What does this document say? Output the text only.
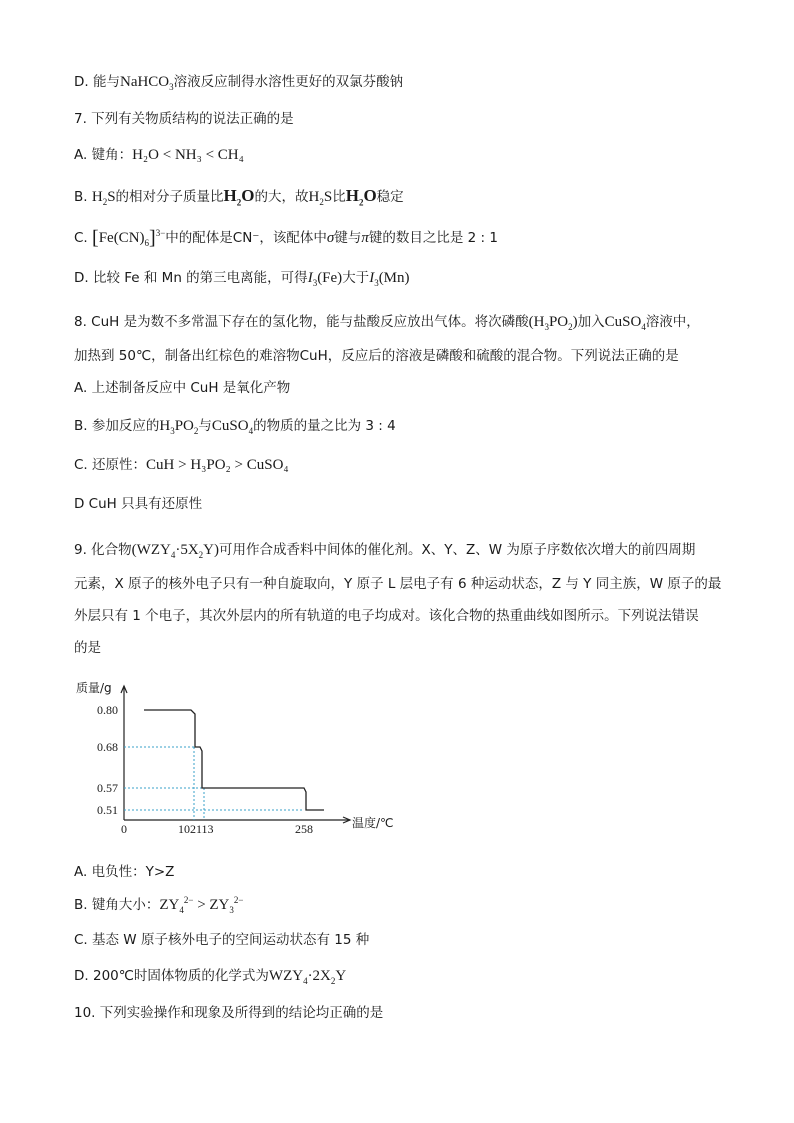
D. 能与NaHCO$_3$溶液反应制得水溶性更好的双氯芬酸钠
7. 下列有关物质结构的说法正确的是
A. 键角：H₂O < NH₃ < CH₄
B. $H_2S$的相对分子质量比$H_2O$的大，故$H_2S$比$H_2O$稳定
C. $[Fe(CN)_6]^{3-}$中的配体是CN⁻，该配体中σ键与π键的数目之比是 2 : 1
D. 比较 Fe 和 Mn 的第三电离能，可得$I_3(Fe)$大于$I_3(Mn)$
8. CuH 是为数不多常温下存在的氢化物，能与盐酸反应放出气体。将次磷酸$(H_3PO_2)$加入CuSO$_4$溶液中，
加热到 50℃，制备出红棕色的难溶物CuH，反应后的溶液是磷酸和硫酸的混合物。下列说法正确的是
A. 上述制备反应中 CuH 是氧化产物
B. 参加反应的$H_3PO_2$与CuSO$_4$的物质的量之比为 3 : 4
C. 还原性：CuH > H₃PO₂ > CuSO₄
D CuH 只具有还原性
9. 化合物$(WZY_4\cdot 5X_2Y)$可用作合成香料中间体的催化剂。X、Y、Z、W 为原子序数依次增大的前四周期
元素，X 原子的核外电子只有一种自旋取向，Y 原子 L 层电子有 6 种运动状态，Z 与 Y 同主族，W 原子的最
外层只有 1 个电子，其次外层内的所有轨道的电子均成对。该化合物的热重曲线如图所示。下列说法错误
的是
质量/g
温度/℃
0.80
0.68
0.57
0.51
0	102 113	258
A. 电负性：Y>Z
B. 键角大小：$ZY_4^{2-} > ZY_3^{2-}$
C. 基态 W 原子核外电子的空间运动状态有 15 种
D. 200℃时固体物质的化学式为$WZY_4\cdot 2X_2Y$
10. 下列实验操作和现象及所得到的结论均正确的是
